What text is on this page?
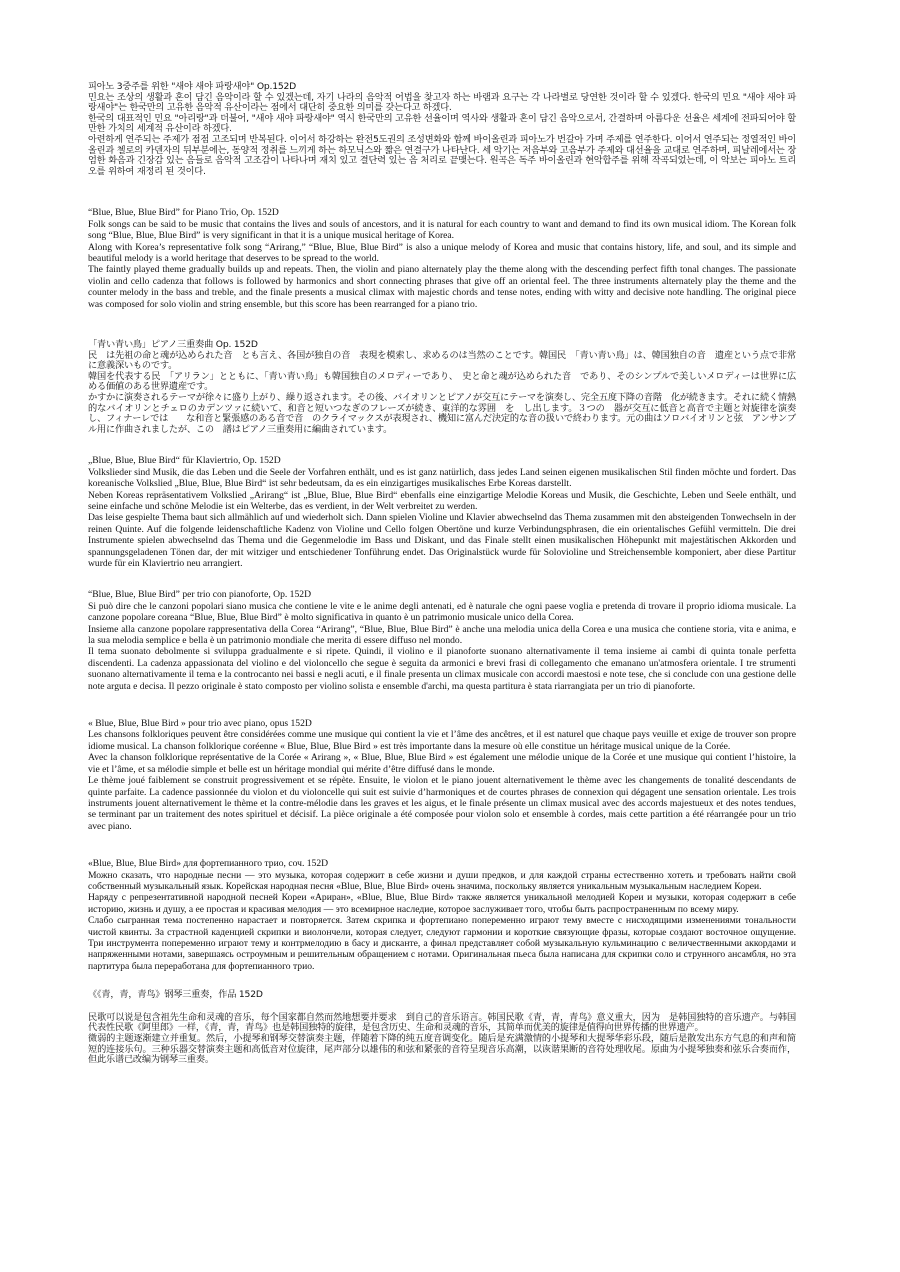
피아노 3중주를 위한 "새야 새야 파랑새야" Op.152D

민요는 조상의 생활과 혼이 담긴 음악이라 할 수 있겠는데, 자기 나라의 음악적 어법을 찾고자 하는 바램과 요구는 각 나라별로 당연한 것이라 할 수 있겠다. 한국의 민요 "새야 새야 파랑새야"는 한국만의 고유한 음악적 유산이라는 점에서 대단히 중요한 의미를 갖는다고 하겠다.

한국의 대표적인 민요 "아리랑"과 더불어, "새야 새야 파랑새야" 역시 한국만의 고유한 선율이며 역사와 생활과 혼이 담긴 음악으로서, 간결하며 아름다운 선율은 세계에 전파되어야 할 만한 가치의 세계적 유산이라 하겠다.

아련하게 연주되는 주제가 점점 고조되며 반복된다. 이어서 하강하는 완전5도권의 조성변화와 함께 바이올린과 피아노가 번갈아 가며 주제를 연주한다. 이어서 연주되는 정열적인 바이올린과 첼로의 카덴자의 뒤부분에는, 동양적 정취를 느끼게 하는 하모닉스와 짧은 연결구가 나타난다. 세 악기는 저음부와 고음부가 주제와 대선율을 교대로 연주하며, 피날레에서는 장엄한 화음과 긴장감 있는 음들로 음악적 고조감이 나타나며 재치 있고 결단력 있는 음 처리로 끝맺는다. 원곡은 독주 바이올린과 현악합주를 위해 작곡되었는데, 이 악보는 피아노 트리오를 위하여 재정리 된 것이다.

“Blue, Blue, Blue Bird” for Piano Trio, Op. 152D

Folk songs can be said to be music that contains the lives and souls of ancestors, and it is natural for each country to want and demand to find its own musical idiom. The Korean folk song “Blue, Blue, Blue Bird” is very significant in that it is a unique musical heritage of Korea.

Along with Korea’s representative folk song “Arirang,” “Blue, Blue, Blue Bird” is also a unique melody of Korea and music that contains history, life, and soul, and its simple and beautiful melody is a world heritage that deserves to be spread to the world.

The faintly played theme gradually builds up and repeats. Then, the violin and piano alternately play the theme along with the descending perfect fifth tonal changes. The passionate violin and cello cadenza that follows is followed by harmonics and short connecting phrases that give off an oriental feel. The three instruments alternately play the theme and the counter melody in the bass and treble, and the finale presents a musical climax with majestic chords and tense notes, ending with witty and decisive note handling. The original piece was composed for solo violin and string ensemble, but this score has been rearranged for a piano trio.

「青い青い鳥」ピアノ三重奏曲 Op. 152D

民　は先祖の命と魂が込められた音　とも言え、各国が独自の音　表現を模索し、求めるのは当然のことです。韓国民　「青い青い鳥」は、韓国独自の音　遺産という点で非常に意義深いものです。

韓国を代表する民　「アリラン」とともに、「青い青い鳥」も韓国独自のメロディーであり、　史と命と魂が込められた音　であり、そのシンプルで美しいメロディーは世界に広める価値のある世界遺産です。

かすかに演奏されるテーマが徐々に盛り上がり、繰り返されます。その後、バイオリンとピアノが交互にテーマを演奏し、完全五度下降の音階　化が続きます。それに続く情熱的なバイオリンとチェロのカデンツァに続いて、和音と短いつなぎのフレーズが続き、東洋的な雰囲　を　し出します。３つの　器が交互に低音と高音で主題と対旋律を演奏し、フィナーレでは　　な和音と緊張感のある音で音　のクライマックスが表現され、機知に富んだ決定的な音の扱いで終わります。元の曲はソロバイオリンと弦　アンサンブル用に作曲されましたが、この　譜はピアノ三重奏用に編曲されています。

„Blue, Blue, Blue Bird“ für Klaviertrio, Op. 152D

Volkslieder sind Musik, die das Leben und die Seele der Vorfahren enthält, und es ist ganz natürlich, dass jedes Land seinen eigenen musikalischen Stil finden möchte und fordert. Das koreanische Volkslied „Blue, Blue, Blue Bird“ ist sehr bedeutsam, da es ein einzigartiges musikalisches Erbe Koreas darstellt.

Neben Koreas repräsentativem Volkslied „Arirang“ ist „Blue, Blue, Blue Bird“ ebenfalls eine einzigartige Melodie Koreas und Musik, die Geschichte, Leben und Seele enthält, und seine einfache und schöne Melodie ist ein Welterbe, das es verdient, in der Welt verbreitet zu werden.

Das leise gespielte Thema baut sich allmählich auf und wiederholt sich. Dann spielen Violine und Klavier abwechselnd das Thema zusammen mit den absteigenden Tonwechseln in der reinen Quinte. Auf die folgende leidenschaftliche Kadenz von Violine und Cello folgen Obertöne und kurze Verbindungsphrasen, die ein orientalisches Gefühl vermitteln. Die drei Instrumente spielen abwechselnd das Thema und die Gegenmelodie im Bass und Diskant, und das Finale stellt einen musikalischen Höhepunkt mit majestätischen Akkorden und spannungsgeladenen Tönen dar, der mit witziger und entschiedener Tonführung endet. Das Originalstück wurde für Solovioline und Streichensemble komponiert, aber diese Partitur wurde für ein Klaviertrio neu arrangiert.

“Blue, Blue, Blue Bird” per trio con pianoforte, Op. 152D

Si può dire che le canzoni popolari siano musica che contiene le vite e le anime degli antenati, ed è naturale che ogni paese voglia e pretenda di trovare il proprio idioma musicale. La canzone popolare coreana “Blue, Blue, Blue Bird” è molto significativa in quanto è un patrimonio musicale unico della Corea.

Insieme alla canzone popolare rappresentativa della Corea “Arirang”, “Blue, Blue, Blue Bird” è anche una melodia unica della Corea e una musica che contiene storia, vita e anima, e la sua melodia semplice e bella è un patrimonio mondiale che merita di essere diffuso nel mondo.

Il tema suonato debolmente si sviluppa gradualmente e si ripete. Quindi, il violino e il pianoforte suonano alternativamente il tema insieme ai cambi di quinta tonale perfetta discendenti. La cadenza appassionata del violino e del violoncello che segue è seguita da armonici e brevi frasi di collegamento che emanano un'atmosfera orientale. I tre strumenti suonano alternativamente il tema e la controcanto nei bassi e negli acuti, e il finale presenta un climax musicale con accordi maestosi e note tese, che si conclude con una gestione delle note arguta e decisa. Il pezzo originale è stato composto per violino solista e ensemble d'archi, ma questa partitura è stata riarrangiata per un trio di pianoforte.

« Blue, Blue, Blue Bird » pour trio avec piano, opus 152D

Les chansons folkloriques peuvent être considérées comme une musique qui contient la vie et l’âme des ancêtres, et il est naturel que chaque pays veuille et exige de trouver son propre idiome musical. La chanson folklorique coréenne « Blue, Blue, Blue Bird » est très importante dans la mesure où elle constitue un héritage musical unique de la Corée.

Avec la chanson folklorique représentative de la Corée « Arirang », « Blue, Blue, Blue Bird » est également une mélodie unique de la Corée et une musique qui contient l’histoire, la vie et l’âme, et sa mélodie simple et belle est un héritage mondial qui mérite d’être diffusé dans le monde.

Le thème joué faiblement se construit progressivement et se répète. Ensuite, le violon et le piano jouent alternativement le thème avec les changements de tonalité descendants de quinte parfaite. La cadence passionnée du violon et du violoncelle qui suit est suivie d’harmoniques et de courtes phrases de connexion qui dégagent une sensation orientale. Les trois instruments jouent alternativement le thème et la contre-mélodie dans les graves et les aigus, et le finale présente un climax musical avec des accords majestueux et des notes tendues, se terminant par un traitement des notes spirituel et décisif. La pièce originale a été composée pour violon solo et ensemble à cordes, mais cette partition a été réarrangée pour un trio avec piano.

«Blue, Blue, Blue Bird» для фортепианного трио, соч. 152D

Можно сказать, что народные песни — это музыка, которая содержит в себе жизни и души предков, и для каждой страны естественно хотеть и требовать найти свой собственный музыкальный язык. Корейская народная песня «Blue, Blue, Blue Bird» очень значима, поскольку является уникальным музыкальным наследием Кореи.

Наряду с репрезентативной народной песней Кореи «Ариран», «Blue, Blue, Blue Bird» также является уникальной мелодией Кореи и музыки, которая содержит в себе историю, жизнь и душу, а ее простая и красивая мелодия — это всемирное наследие, которое заслуживает того, чтобы быть распространенным по всему миру.

Слабо сыгранная тема постепенно нарастает и повторяется. Затем скрипка и фортепиано попеременно играют тему вместе с нисходящими изменениями тональности чистой квинты. За страстной каденцией скрипки и виолончели, которая следует, следуют гармонии и короткие связующие фразы, которые создают восточное ощущение. Три инструмента попеременно играют тему и контрмелодию в басу и дисканте, а финал представляет собой музыкальную кульминацию с величественными аккордами и напряженными нотами, завершаясь остроумным и решительным обращением с нотами. Оригинальная пьеса была написана для скрипки соло и струнного ансамбля, но эта партитура была переработана для фортепианного трио.

《《青，青，青鸟》钢琴三重奏，作品 152D

民歌可以说是包含祖先生命和灵魂的音乐，每个国家都自然而然地想要并要求　到自己的音乐语言。韩国民歌《青，青，青鸟》意义重大，因为　是韩国独特的音乐遗产。与韩国代表性民歌《阿里郎》一样，《青，青，青鸟》也是韩国独特的旋律，是包含历史、生命和灵魂的音乐，其简单而优美的旋律是值得向世界传播的世界遗产。

微弱的主题逐渐建立并重复。然后，小提琴和钢琴交替演奏主题，伴随着下降的纯五度音调变化。随后是充满激情的小提琴和大提琴华彩乐段，随后是散发出东方气息的和声和简短的连接乐句。三种乐器交替演奏主题和高低音对位旋律，尾声部分以雄伟的和弦和紧张的音符呈现音乐高潮，以诙谐果断的音符处理收尾。原曲为小提琴独奏和弦乐合奏而作，但此乐谱已改编为钢琴三重奏。
